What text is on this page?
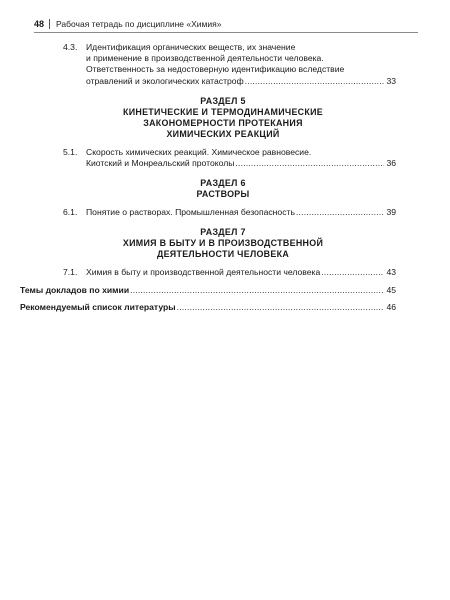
48	Рабочая тетрадь по дисциплине «Химия»
4.3. Идентификация органических веществ, их значение
и применение в производственной деятельности человека.
Ответственность за недостоверную идентификацию вследствие
отравлений и экологических катастроф .....	33
РАЗДЕЛ 5
КИНЕТИЧЕСКИЕ И ТЕРМОДИНАМИЧЕСКИЕ
ЗАКОНОМЕРНОСТИ ПРОТЕКАНИЯ
ХИМИЧЕСКИХ РЕАКЦИЙ
5.1. Скорость химических реакций. Химическое равновесие.
Киотский и Монреальский протоколы .....	36
РАЗДЕЛ 6
РАСТВОРЫ
6.1. Понятие о растворах. Промышленная безопасность .....	39
РАЗДЕЛ 7
ХИМИЯ В БЫТУ И В ПРОИЗВОДСТВЕННОЙ
ДЕЯТЕЛЬНОСТИ ЧЕЛОВЕКА
7.1. Химия в быту и производственной деятельности человека .....	43
Темы докладов по химии .....	45
Рекомендуемый список литературы .....	46
